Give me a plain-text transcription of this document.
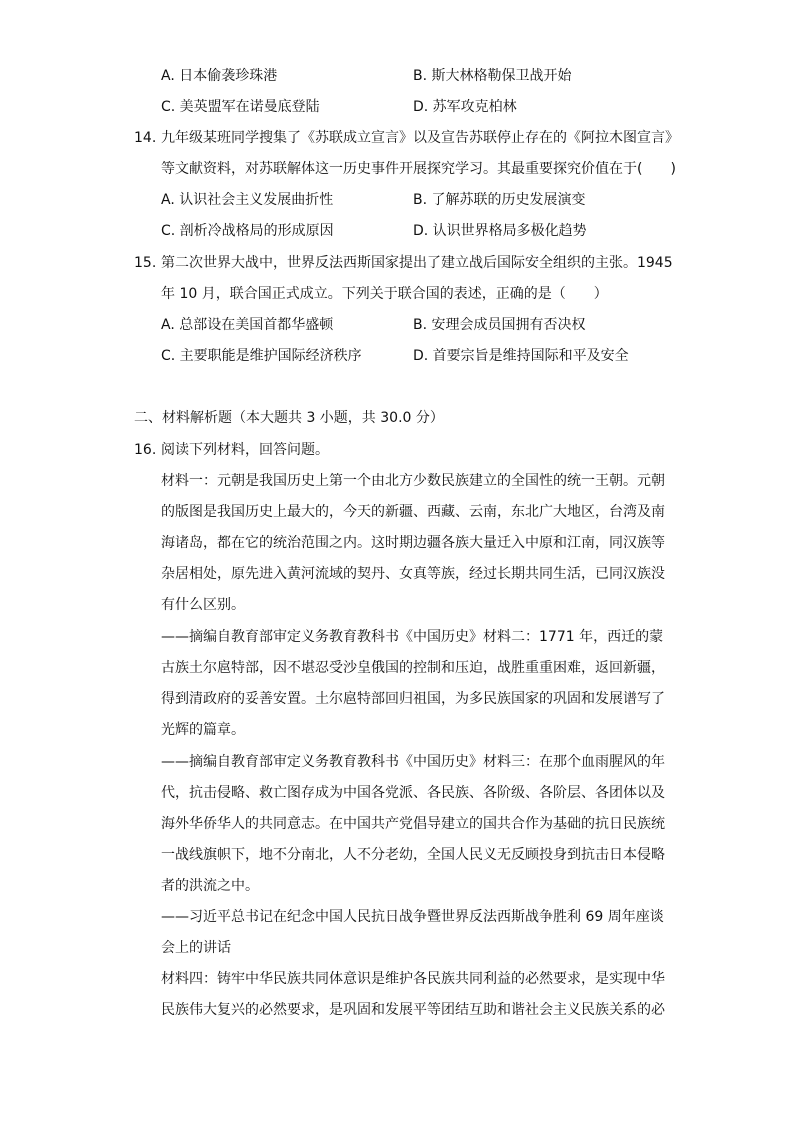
A. 日本偷袭珍珠港	B. 斯大林格勒保卫战开始
C. 美英盟军在诺曼底登陆	D. 苏军攻克柏林
14. 九年级某班同学搜集了《苏联成立宣言》以及宣告苏联停止存在的《阿拉木图宣言》
等文献资料，对苏联解体这一历史事件开展探究学习。其最重要探究价值在于(　　)
A. 认识社会主义发展曲折性	B. 了解苏联的历史发展演变
C. 剖析冷战格局的形成原因	D. 认识世界格局多极化趋势
15. 第二次世界大战中，世界反法西斯国家提出了建立战后国际安全组织的主张。1945
年 10 月，联合国正式成立。下列关于联合国的表述，正确的是（　　）
A. 总部设在美国首都华盛顿	B. 安理会成员国拥有否决权
C. 主要职能是维护国际经济秩序	D. 首要宗旨是维持国际和平及安全
二、材料解析题（本大题共 3 小题，共 30.0 分）
16. 阅读下列材料，回答问题。
材料一：元朝是我国历史上第一个由北方少数民族建立的全国性的统一王朝。元朝
的版图是我国历史上最大的，今天的新疆、西藏、云南，东北广大地区，台湾及南
海诸岛，都在它的统治范围之内。这时期边疆各族大量迁入中原和江南，同汉族等
杂居相处，原先进入黄河流域的契丹、女真等族，经过长期共同生活，已同汉族没
有什么区别。
——摘编自教育部审定义务教育教科书《中国历史》材料二：1771 年，西迁的蒙
古族土尔扈特部，因不堪忍受沙皇俄国的控制和压迫，战胜重重困难，返回新疆，
得到清政府的妥善安置。土尔扈特部回归祖国，为多民族国家的巩固和发展谱写了
光辉的篇章。
——摘编自教育部审定义务教育教科书《中国历史》材料三：在那个血雨腥风的年
代，抗击侵略、救亡图存成为中国各党派、各民族、各阶级、各阶层、各团体以及
海外华侨华人的共同意志。在中国共产党倡导建立的国共合作为基础的抗日民族统
一战线旗帜下，地不分南北，人不分老幼，全国人民义无反顾投身到抗击日本侵略
者的洪流之中。
——习近平总书记在纪念中国人民抗日战争暨世界反法西斯战争胜利 69 周年座谈
会上的讲话
材料四：铸牢中华民族共同体意识是维护各民族共同利益的必然要求，是实现中华
民族伟大复兴的必然要求，是巩固和发展平等团结互助和谐社会主义民族关系的必
